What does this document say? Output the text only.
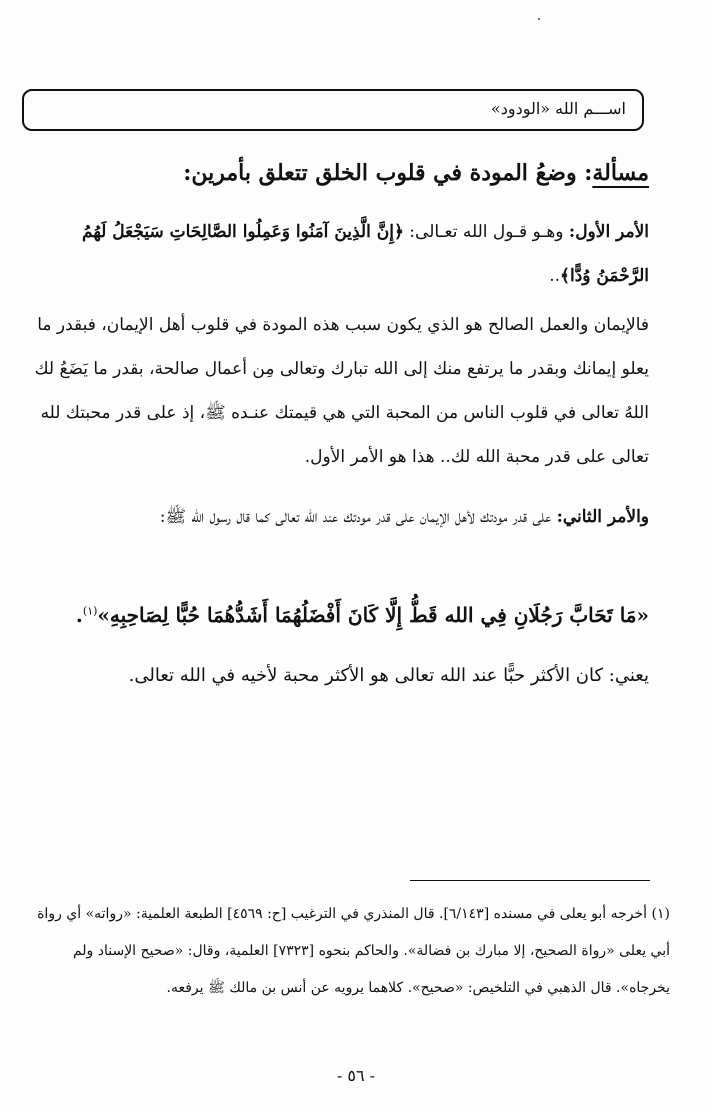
اســـم الله «الودود»
مسألة: وضعُ المودة في قلوب الخلق تتعلق بأمرين:
الأمر الأول: وهـو قـول الله تعـالى: ﴿إِنَّ الَّذِينَ آمَنُوا وَعَمِلُوا الصَّالِحَاتِ سَيَجْعَلُ لَهُمُ الرَّحْمَنُ وُدًّا﴾..
فالإيمان والعمل الصالح هو الذي يكون سبب هذه المودة في قلوب أهل الإيمان، فبقدر ما يعلو إيمانك وبقدر ما يرتفع منك إلى الله تبارك وتعالى مِن أعمال صالحة، بقدر ما يَضَعُ لك اللهُ تعالى في قلوب الناس من المحبة التي هي قيمتك عنـده ﷺ، إذ على قدر محبتك لله تعالى على قدر محبة الله لك.. هذا هو الأمر الأول.
والأمر الثاني: على قدر مودتك لأهل الإيمان على قدر مودتك عند الله تعالى كما قال رسول الله ﷺ:
«مَا تَحَابَّ رَجُلَانِ فِي الله قَطُّ إِلَّا كَانَ أَفْضَلُهُمَا أَشَدُّهُمَا حُبًّا لِصَاحِبِهِ»$^{(١)}$.
يعني: كان الأكثر حبًّا عند الله تعالى هو الأكثر محبة لأخيه في الله تعالى.
(١) أخرجه أبو يعلى في مسنده [٦/١٤٣]. قال المنذري في الترغيب [ح: ٤٥٦٩] الطبعة العلمية: «رواته» أي رواة أبي يعلى «رواة الصحيح، إلا مبارك بن فضالة». والحاكم بنحوه [٧٣٢٣] العلمية، وقال: «صحيح الإسناد ولم يخرجاه». قال الذهبي في التلخيص: «صحيح». كلاهما يرويه عن أنس بن مالك ﷺ يرفعه.
- ٥٦ -
